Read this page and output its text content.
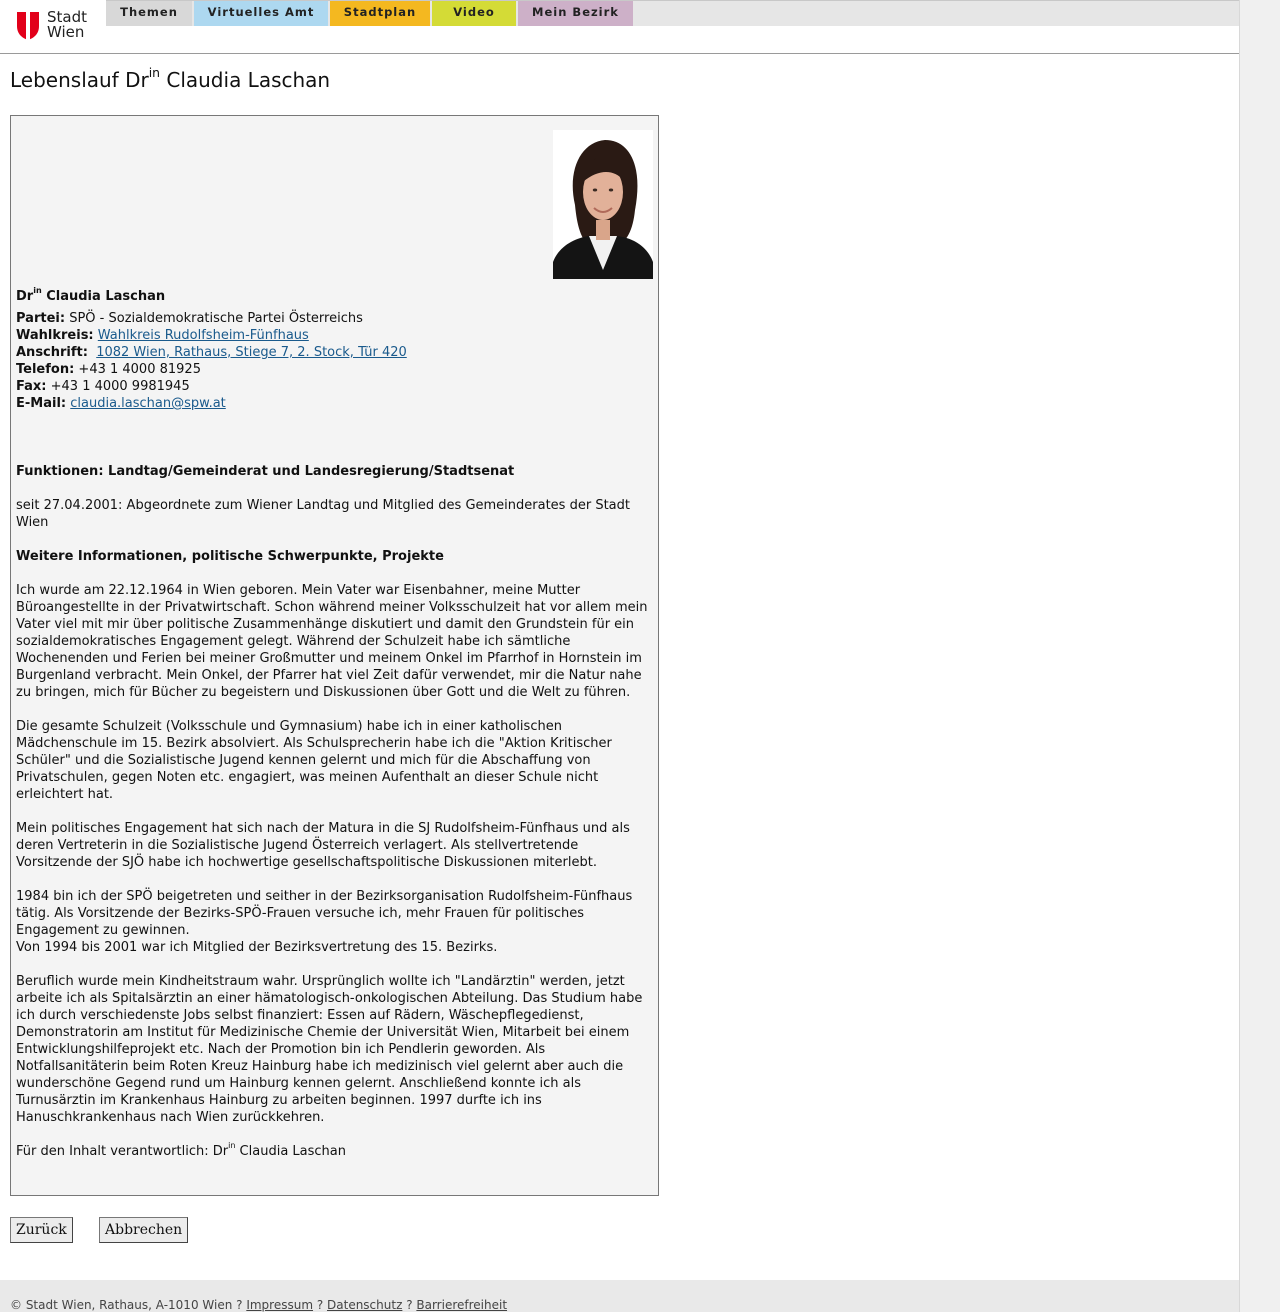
Stadt
Wien
Themen	Virtuelles Amt	Stadtplan	Video	Mein Bezirk
Lebenslauf $Dr^{in}$ Claudia Laschan

$Dr^{in}$ Claudia Laschan

Partei: SPÖ - Sozialdemokratische Partei Österreichs
Wahlkreis: Wahlkreis Rudolfsheim-Fünfhaus
Anschrift: 1082 Wien, Rathaus, Stiege 7, 2. Stock, Tür 420
Telefon: +43 1 4000 81925
Fax: +43 1 4000 9981945
E-Mail: claudia.laschan@spw.at

Funktionen: Landtag/Gemeinderat und Landesregierung/Stadtsenat

seit 27.04.2001: Abgeordnete zum Wiener Landtag und Mitglied des Gemeinderates der Stadt Wien

Weitere Informationen, politische Schwerpunkte, Projekte

Ich wurde am 22.12.1964 in Wien geboren. Mein Vater war Eisenbahner, meine Mutter Büroangestellte in der Privatwirtschaft. Schon während meiner Volksschulzeit hat vor allem mein Vater viel mit mir über politische Zusammenhänge diskutiert und damit den Grundstein für ein sozialdemokratisches Engagement gelegt. Während der Schulzeit habe ich sämtliche Wochenenden und Ferien bei meiner Großmutter und meinem Onkel im Pfarrhof in Hornstein im Burgenland verbracht. Mein Onkel, der Pfarrer hat viel Zeit dafür verwendet, mir die Natur nahe zu bringen, mich für Bücher zu begeistern und Diskussionen über Gott und die Welt zu führen.

Die gesamte Schulzeit (Volksschule und Gymnasium) habe ich in einer katholischen Mädchenschule im 15. Bezirk absolviert. Als Schulsprecherin habe ich die "Aktion Kritischer Schüler" und die Sozialistische Jugend kennen gelernt und mich für die Abschaffung von Privatschulen, gegen Noten etc. engagiert, was meinen Aufenthalt an dieser Schule nicht erleichtert hat.

Mein politisches Engagement hat sich nach der Matura in die SJ Rudolfsheim-Fünfhaus und als deren Vertreterin in die Sozialistische Jugend Österreich verlagert. Als stellvertretende Vorsitzende der SJÖ habe ich hochwertige gesellschaftspolitische Diskussionen miterlebt.

1984 bin ich der SPÖ beigetreten und seither in der Bezirksorganisation Rudolfsheim-Fünfhaus tätig. Als Vorsitzende der Bezirks-SPÖ-Frauen versuche ich, mehr Frauen für politisches Engagement zu gewinnen.
Von 1994 bis 2001 war ich Mitglied der Bezirksvertretung des 15. Bezirks.

Beruflich wurde mein Kindheitstraum wahr. Ursprünglich wollte ich "Landärztin" werden, jetzt arbeite ich als Spitalsärztin an einer hämatologisch-onkologischen Abteilung. Das Studium habe ich durch verschiedenste Jobs selbst finanziert: Essen auf Rädern, Wäschepflegedienst, Demonstratorin am Institut für Medizinische Chemie der Universität Wien, Mitarbeit bei einem Entwicklungshilfeprojekt etc. Nach der Promotion bin ich Pendlerin geworden. Als Notfallsanitäterin beim Roten Kreuz Hainburg habe ich medizinisch viel gelernt aber auch die wunderschöne Gegend rund um Hainburg kennen gelernt. Anschließend konnte ich als Turnusärztin im Krankenhaus Hainburg zu arbeiten beginnen. 1997 durfte ich ins Hanuschkrankenhaus nach Wien zurückkehren.

Für den Inhalt verantwortlich: $Dr^{in}$ Claudia Laschan

Zurück	Abbrechen
© Stadt Wien, Rathaus, A-1010 Wien ? Impressum ? Datenschutz ? Barrierefreiheit
